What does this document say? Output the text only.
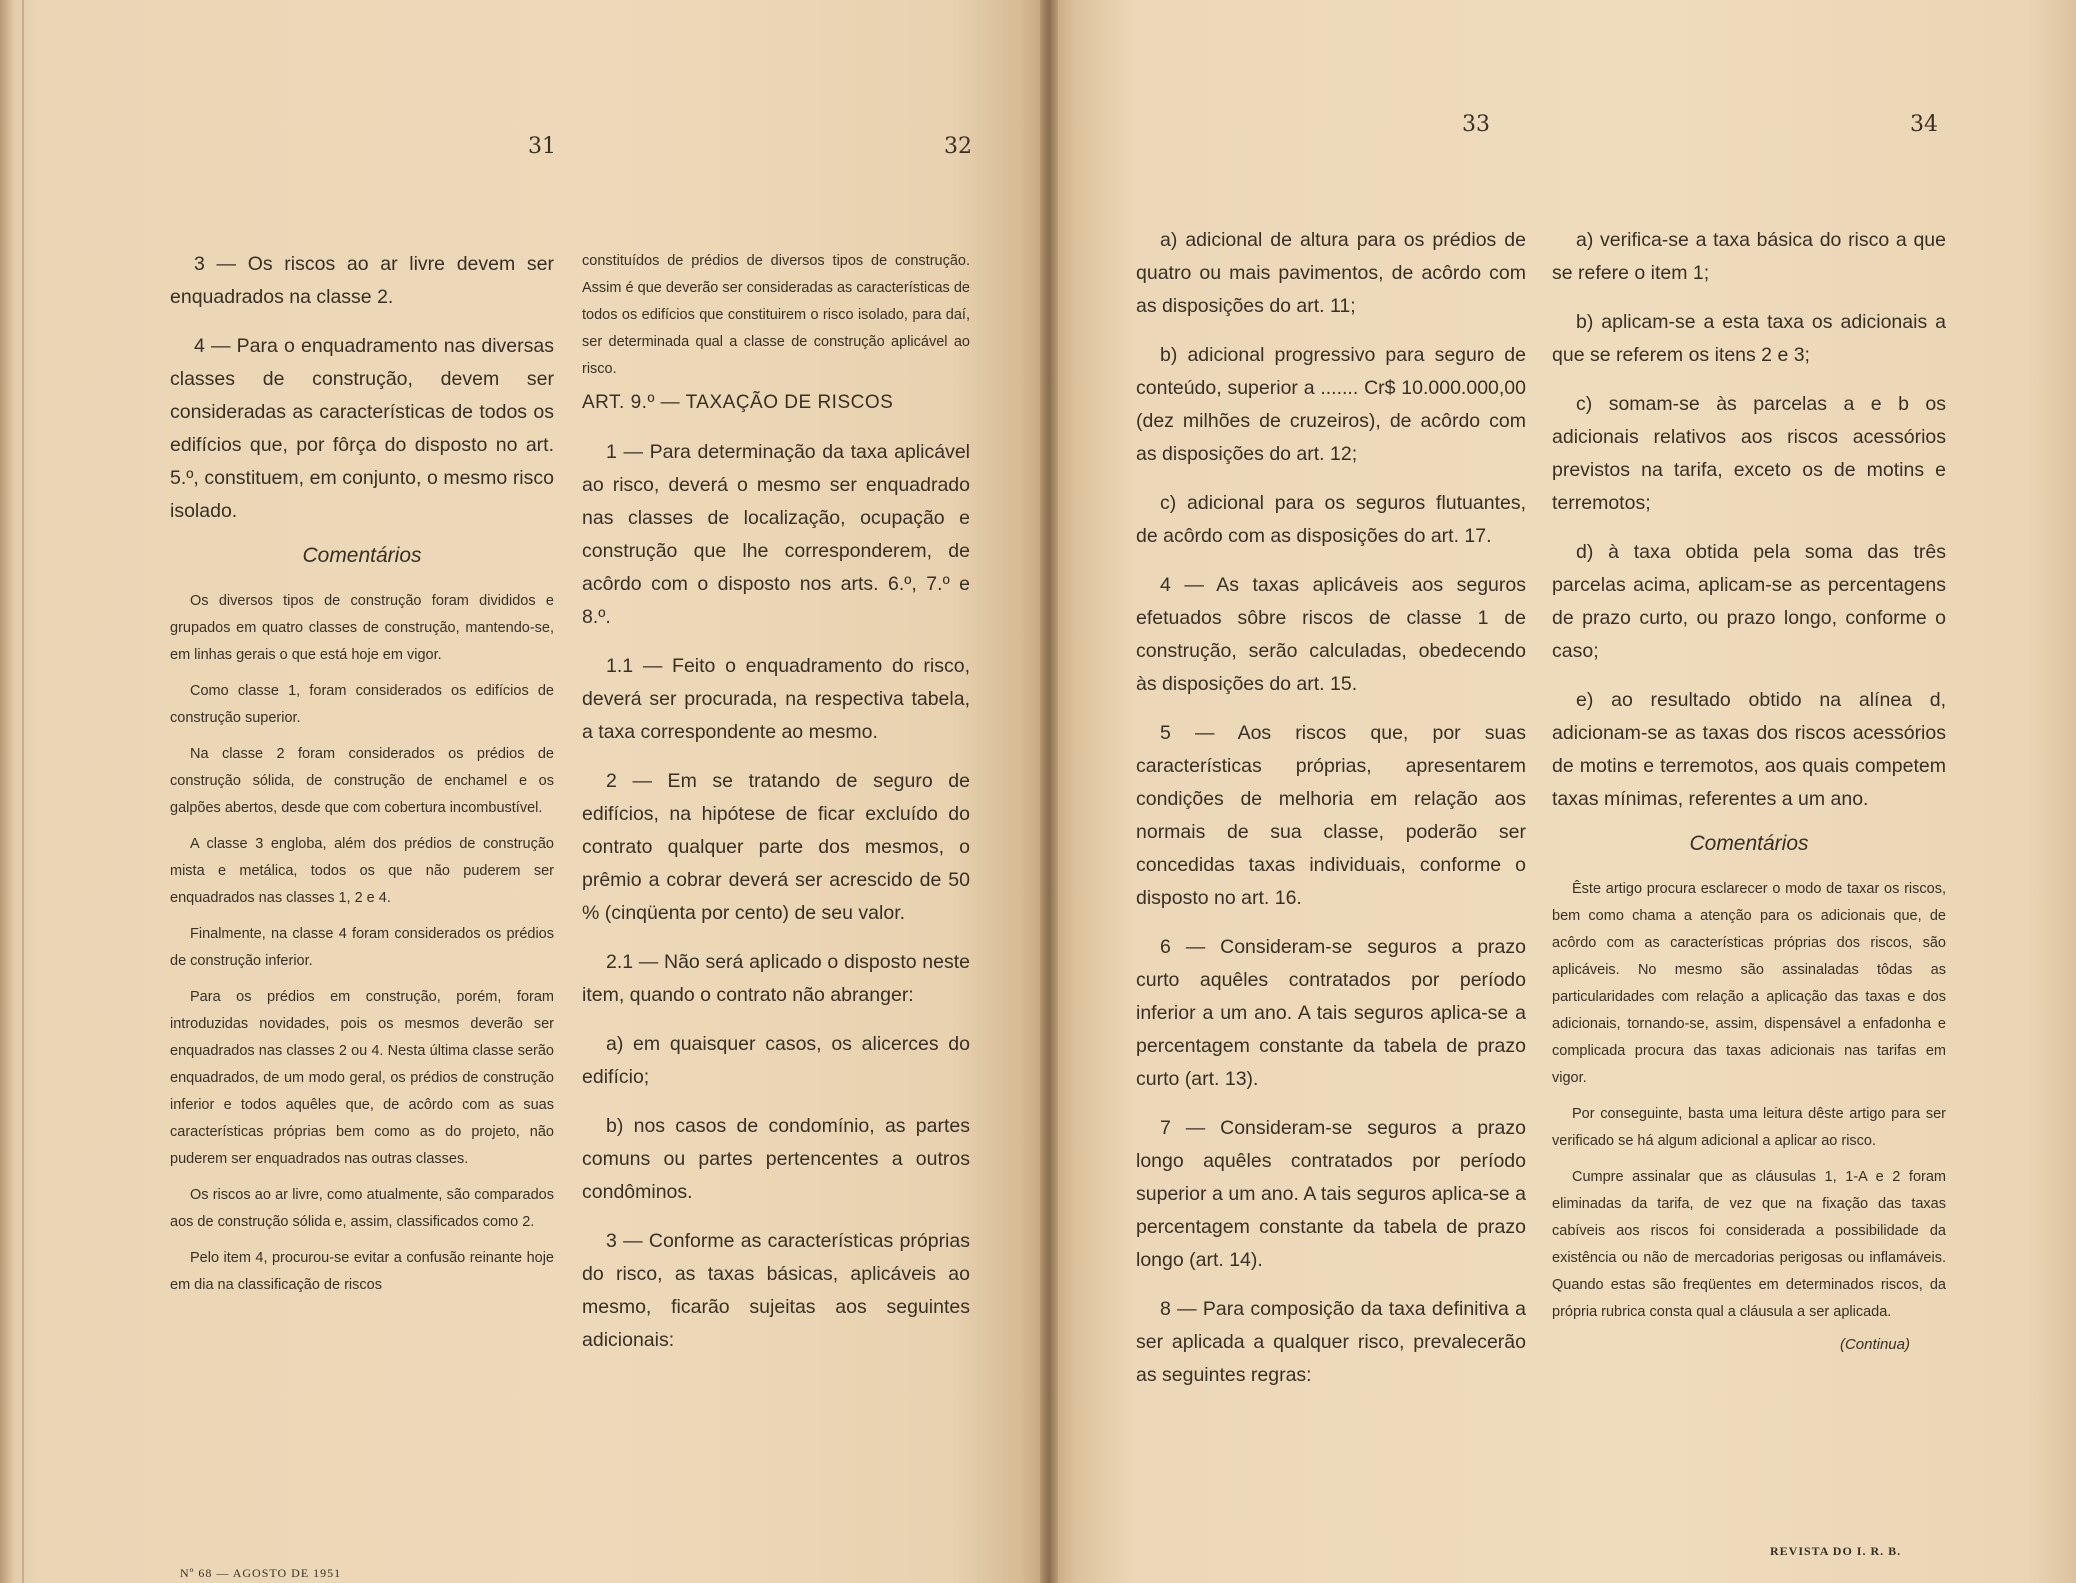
31	32

3 — Os riscos ao ar livre devem ser enquadrados na classe 2.

4 — Para o enquadramento nas diversas classes de construção, devem ser consideradas as características de todos os edifícios que, por fôrça do disposto no art. 5.º, constituem, em conjunto, o mesmo risco isolado.

Comentários

Os diversos tipos de construção foram divididos e grupados em quatro classes de construção, mantendo-se, em linhas gerais o que está hoje em vigor.

Como classe 1, foram considerados os edifícios de construção superior.

Na classe 2 foram considerados os prédios de construção sólida, de construção de enchamel e os galpões abertos, desde que com cobertura incombustível.

A classe 3 engloba, além dos prédios de construção mista e metálica, todos os que não puderem ser enquadrados nas classes 1, 2 e 4.

Finalmente, na classe 4 foram considerados os prédios de construção inferior.

Para os prédios em construção, porém, foram introduzidas novidades, pois os mesmos deverão ser enquadrados nas classes 2 ou 4. Nesta última classe serão enquadrados, de um modo geral, os prédios de construção inferior e todos aquêles que, de acôrdo com as suas características próprias bem como as do projeto, não puderem ser enquadrados nas outras classes.

Os riscos ao ar livre, como atualmente, são comparados aos de construção sólida e, assim, classificados como 2.

Pelo item 4, procurou-se evitar a confusão reinante hoje em dia na classificação de riscos

Nº 68 — AGOSTO DE 1951

constituídos de prédios de diversos tipos de construção. Assim é que deverão ser consideradas as características de todos os edifícios que constituirem o risco isolado, para daí, ser determinada qual a classe de construção aplicável ao risco.

ART. 9.º — TAXAÇÃO DE RISCOS

1 — Para determinação da taxa aplicável ao risco, deverá o mesmo ser enquadrado nas classes de localização, ocupação e construção que lhe corresponderem, de acôrdo com o disposto nos arts. 6.º, 7.º e 8.º.

1.1 — Feito o enquadramento do risco, deverá ser procurada, na respectiva tabela, a taxa correspondente ao mesmo.

2 — Em se tratando de seguro de edifícios, na hipótese de ficar excluído do contrato qualquer parte dos mesmos, o prêmio a cobrar deverá ser acrescido de 50 % (cinqüenta por cento) de seu valor.

2.1 — Não será aplicado o disposto neste item, quando o contrato não abranger:

a) em quaisquer casos, os alicerces do edifício;

b) nos casos de condomínio, as partes comuns ou partes pertencentes a outros condôminos.

3 — Conforme as características próprias do risco, as taxas básicas, aplicáveis ao mesmo, ficarão sujeitas aos seguintes adicionais:

33	34

a) adicional de altura para os prédios de quatro ou mais pavimentos, de acôrdo com as disposições do art. 11;

b) adicional progressivo para seguro de conteúdo, superior a ....... Cr$ 10.000.000,00 (dez milhões de cruzeiros), de acôrdo com as disposições do art. 12;

c) adicional para os seguros flutuantes, de acôrdo com as disposições do art. 17.

4 — As taxas aplicáveis aos seguros efetuados sôbre riscos de classe 1 de construção, serão calculadas, obedecendo às disposições do art. 15.

5 — Aos riscos que, por suas características próprias, apresentarem condições de melhoria em relação aos normais de sua classe, poderão ser concedidas taxas individuais, conforme o disposto no art. 16.

6 — Consideram-se seguros a prazo curto aquêles contratados por período inferior a um ano. A tais seguros aplica-se a percentagem constante da tabela de prazo curto (art. 13).

7 — Consideram-se seguros a prazo longo aquêles contratados por período superior a um ano. A tais seguros aplica-se a percentagem constante da tabela de prazo longo (art. 14).

8 — Para composição da taxa definitiva a ser aplicada a qualquer risco, prevalecerão as seguintes regras:

a) verifica-se a taxa básica do risco a que se refere o item 1;

b) aplicam-se a esta taxa os adicionais a que se referem os itens 2 e 3;

c) somam-se às parcelas a e b os adicionais relativos aos riscos acessórios previstos na tarifa, exceto os de motins e terremotos;

d) à taxa obtida pela soma das três parcelas acima, aplicam-se as percentagens de prazo curto, ou prazo longo, conforme o caso;

e) ao resultado obtido na alínea d, adicionam-se as taxas dos riscos acessórios de motins e terremotos, aos quais competem taxas mínimas, referentes a um ano.

Comentários

Êste artigo procura esclarecer o modo de taxar os riscos, bem como chama a atenção para os adicionais que, de acôrdo com as características próprias dos riscos, são aplicáveis. No mesmo são assinaladas tôdas as particularidades com relação a aplicação das taxas e dos adicionais, tornando-se, assim, dispensável a enfadonha e complicada procura das taxas adicionais nas tarifas em vigor.

Por conseguinte, basta uma leitura dêste artigo para ser verificado se há algum adicional a aplicar ao risco.

Cumpre assinalar que as cláusulas 1, 1-A e 2 foram eliminadas da tarifa, de vez que na fixação das taxas cabíveis aos riscos foi considerada a possibilidade da existência ou não de mercadorias perigosas ou inflamáveis. Quando estas são freqüentes em determinados riscos, da própria rubrica consta qual a cláusula a ser aplicada.

(Continua)
REVISTA DO I. R. B.
